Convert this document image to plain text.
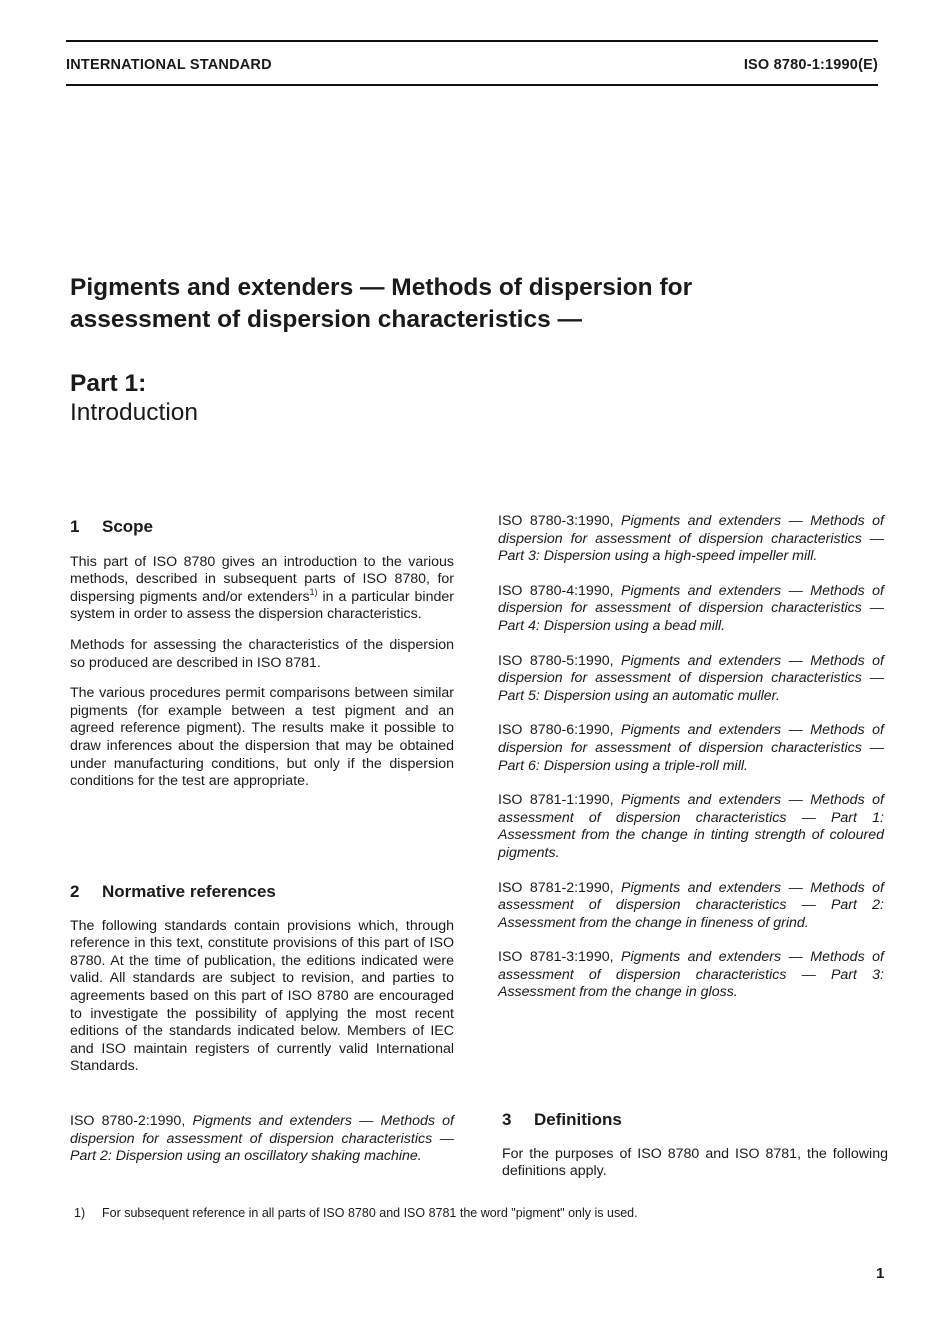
INTERNATIONAL STANDARD	ISO 8780-1:1990(E)
Pigments and extenders — Methods of dispersion for
assessment of dispersion characteristics —
Part 1:
Introduction
1 Scope

This part of ISO 8780 gives an introduction to the various methods, described in subsequent parts of ISO 8780, for dispersing pigments and/or extenders$^{1)}$ in a particular binder system in order to assess the dispersion characteristics.

Methods for assessing the characteristics of the dispersion so produced are described in ISO 8781.

The various procedures permit comparisons between similar pigments (for example between a test pigment and an agreed reference pigment). The results make it possible to draw inferences about the dispersion that may be obtained under manufacturing conditions, but only if the dispersion conditions for the test are appropriate.

2 Normative references

The following standards contain provisions which, through reference in this text, constitute provisions of this part of ISO 8780. At the time of publication, the editions indicated were valid. All standards are subject to revision, and parties to agreements based on this part of ISO 8780 are encouraged to investigate the possibility of applying the most recent editions of the standards indicated below. Members of IEC and ISO maintain registers of currently valid International Standards.

ISO 8780-2:1990, Pigments and extenders — Methods of dispersion for assessment of dispersion characteristics — Part 2: Dispersion using an oscillatory shaking machine.

ISO 8780-3:1990, Pigments and extenders — Methods of dispersion for assessment of dispersion characteristics — Part 3: Dispersion using a high-speed impeller mill.

ISO 8780-4:1990, Pigments and extenders — Methods of dispersion for assessment of dispersion characteristics — Part 4: Dispersion using a bead mill.

ISO 8780-5:1990, Pigments and extenders — Methods of dispersion for assessment of dispersion characteristics — Part 5: Dispersion using an automatic muller.

ISO 8780-6:1990, Pigments and extenders — Methods of dispersion for assessment of dispersion characteristics — Part 6: Dispersion using a triple-roll mill.

ISO 8781-1:1990, Pigments and extenders — Methods of assessment of dispersion characteristics — Part 1: Assessment from the change in tinting strength of coloured pigments.

ISO 8781-2:1990, Pigments and extenders — Methods of assessment of dispersion characteristics — Part 2: Assessment from the change in fineness of grind.

ISO 8781-3:1990, Pigments and extenders — Methods of assessment of dispersion characteristics — Part 3: Assessment from the change in gloss.

3 Definitions

For the purposes of ISO 8780 and ISO 8781, the following definitions apply.

1) For subsequent reference in all parts of ISO 8780 and ISO 8781 the word "pigment" only is used.
1
